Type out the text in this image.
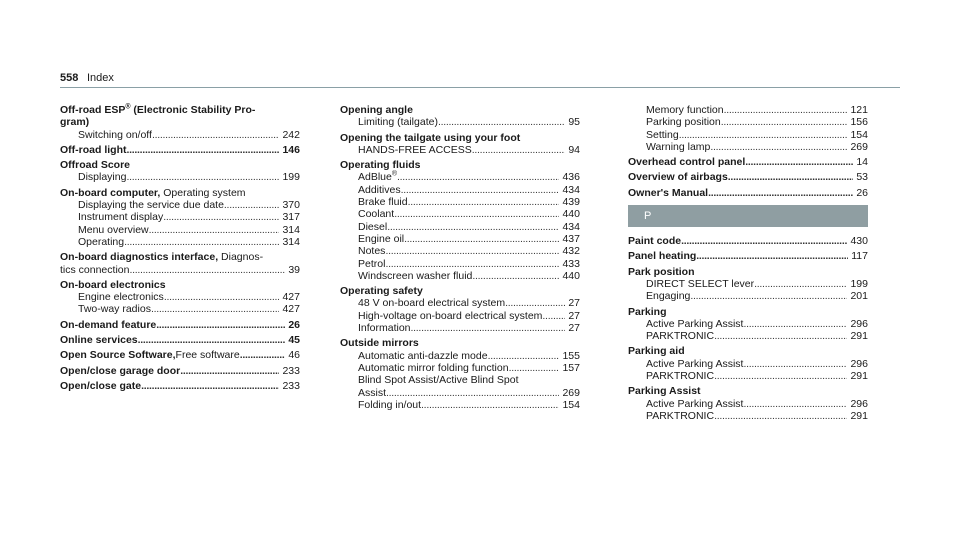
558 Index
Off-road ESP® (Electronic Stability Pro-
gram)
Switching on/off . . .	242
Off-road light . . .	146
Offroad Score
Displaying . . .	199
On-board computer, Operating system
Displaying the service due date . . .	370
Instrument display . . .	317
Menu overview . . .	314
Operating . . .	314
On-board diagnostics interface, Diagnos-
tics connection . . .	39
On-board electronics
Engine electronics . . .	427
Two-way radios . . .	427
On-demand feature . . .	26
Online services . . .	45
Open Source Software, Free software . . .	46
Open/close garage door . . .	233
Open/close gate . . .	233
Opening angle
Limiting (tailgate) . . .	95
Opening the tailgate using your foot
HANDS-FREE ACCESS . . .	94
Operating fluids
AdBlue® . . .	436
Additives . . .	434
Brake fluid . . .	439
Coolant . . .	440
Diesel . . .	434
Engine oil . . .	437
Notes . . .	432
Petrol . . .	433
Windscreen washer fluid . . .	440
Operating safety
48 V on-board electrical system . . .	27
High-voltage on-board electrical system . . . 27
Information . . .	27
Outside mirrors
Automatic anti-dazzle mode . . .	155
Automatic mirror folding function . . .	157
Blind Spot Assist/Active Blind Spot
Assist . . .	269
Folding in/out . . .	154
Memory function . . .	121
Parking position . . .	156
Setting . . .	154
Warning lamp . . .	269
Overhead control panel . . .	14
Overview of airbags . . .	53
Owner's Manual . . .	26
P
Paint code . . .	430
Panel heating . . .	117
Park position
DIRECT SELECT lever . . .	199
Engaging . . .	201
Parking
Active Parking Assist . . .	296
PARKTRONIC . . .	291
Parking aid
Active Parking Assist . . .	296
PARKTRONIC . . .	291
Parking Assist
Active Parking Assist . . .	296
PARKTRONIC . . .	291
